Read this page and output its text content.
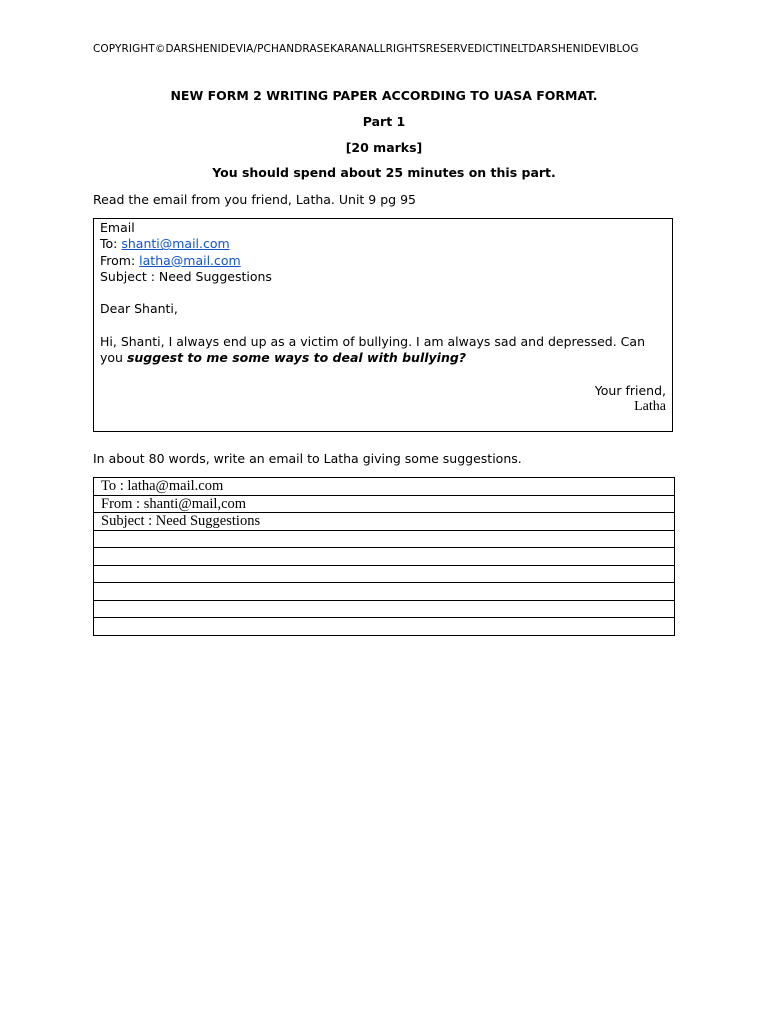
COPYRIGHT©DARSHENIDEVIA/PCHANDRASEKARANALLRIGHTSRESERVEDICTINELTDARSHENIDEVIBLOG
NEW FORM 2 WRITING PAPER ACCORDING TO UASA FORMAT.
Part 1
[20 marks]
You should spend about 25 minutes on this part.
Read the email from you friend, Latha. Unit 9 pg 95
Email
To: shanti@mail.com
From: latha@mail.com
Subject : Need Suggestions
Dear Shanti,
Hi, Shanti, I always end up as a victim of bullying. I am always sad and depressed. Can you suggest to me some ways to deal with bullying?
Your friend,
Latha
In about 80 words, write an email to Latha giving some suggestions.
To : latha@mail.com
From : shanti@mail,com
Subject : Need Suggestions
